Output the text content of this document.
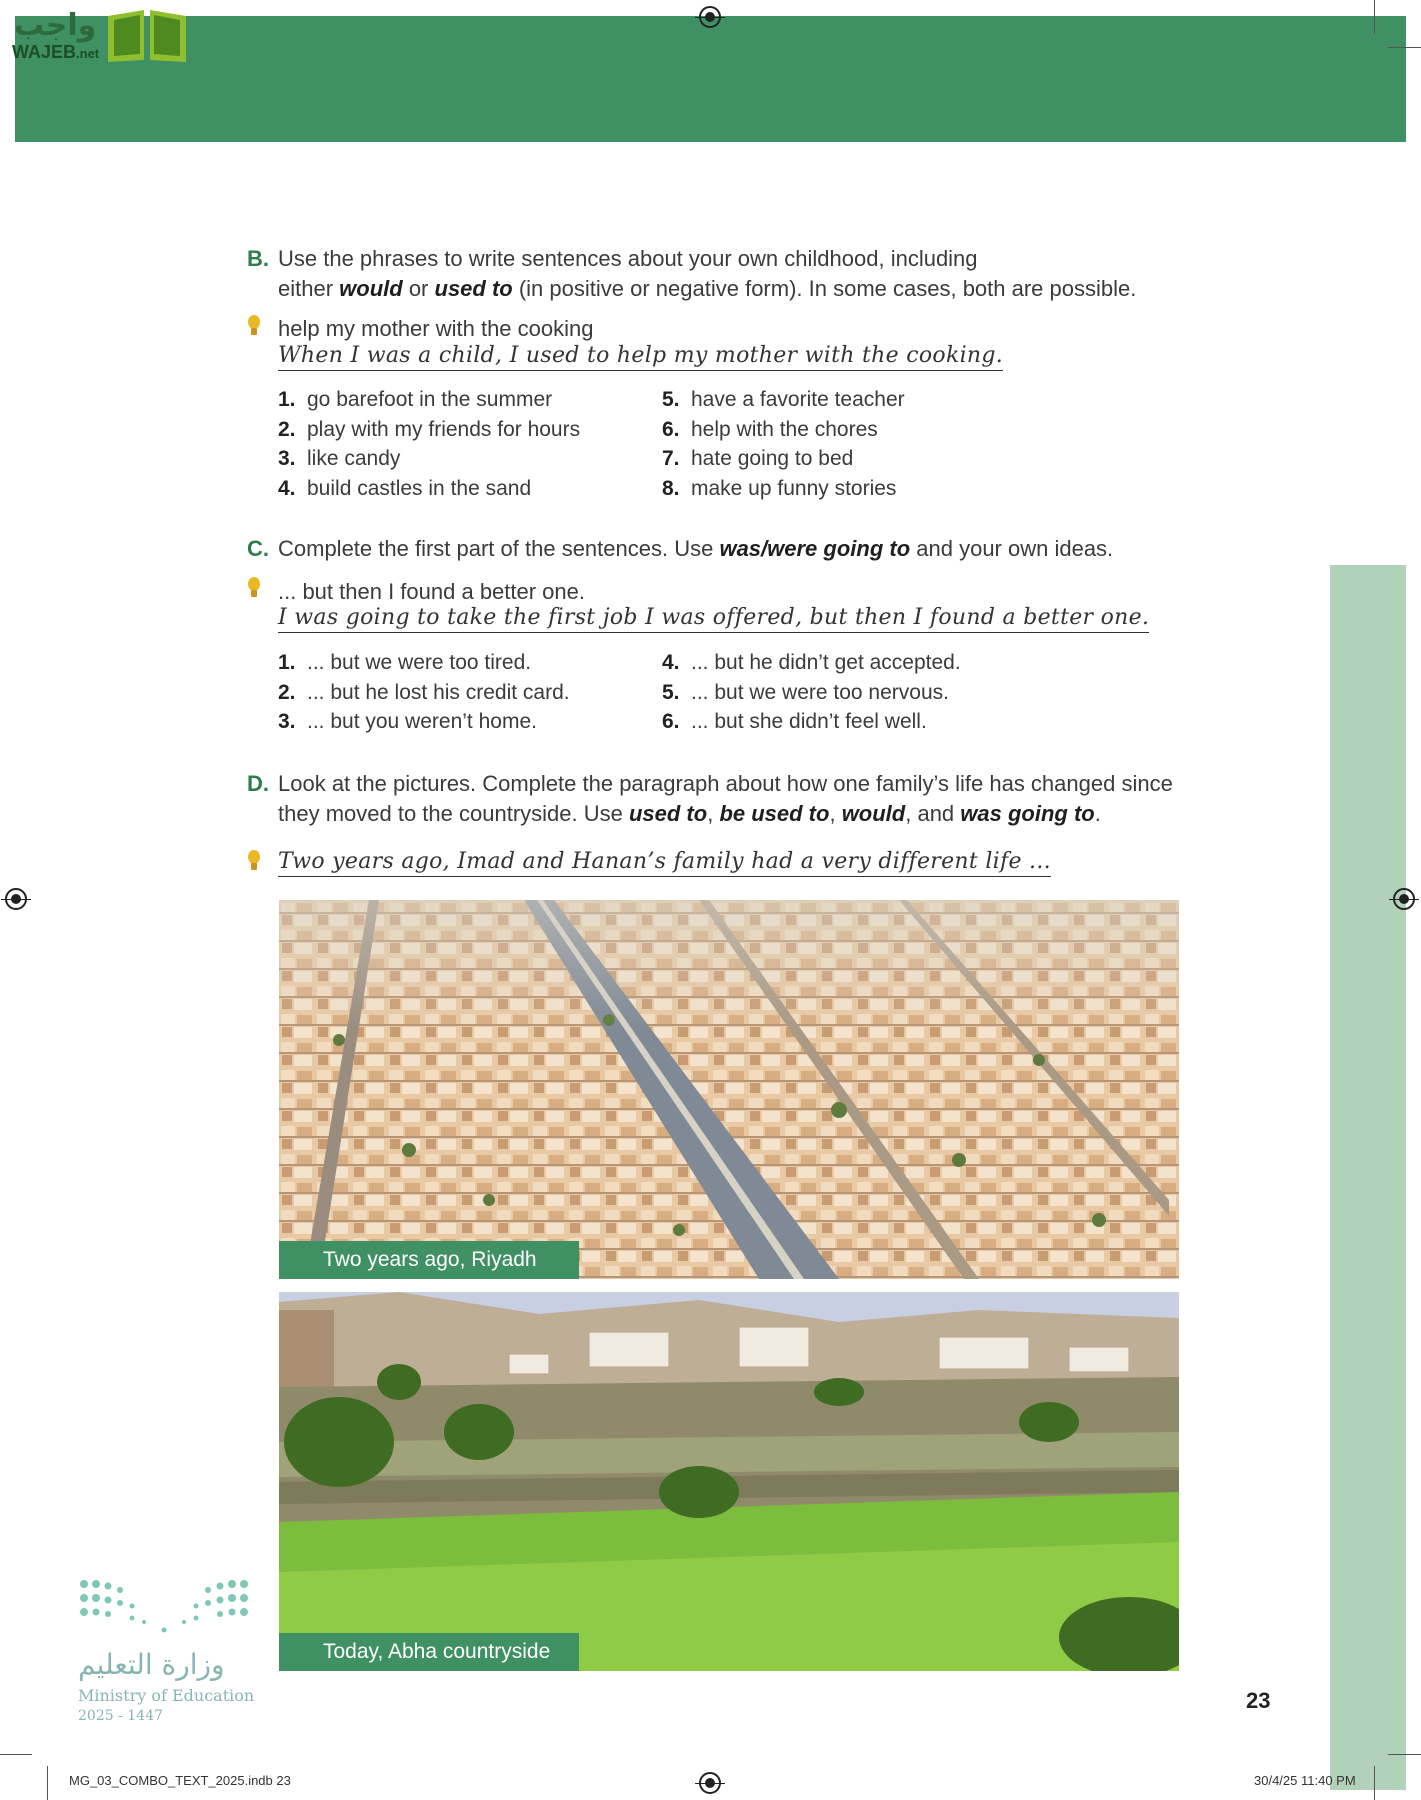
واجب
WAJEB.net
B. Use the phrases to write sentences about your own childhood, including
either would or used to (in positive or negative form). In some cases, both are possible.
help my mother with the cooking
When I was a child, I used to help my mother with the cooking.
1. go barefoot in the summer
2. play with my friends for hours
3. like candy
4. build castles in the sand
5. have a favorite teacher
6. help with the chores
7. hate going to bed
8. make up funny stories
C. Complete the first part of the sentences. Use was/were going to and your own ideas.
... but then I found a better one.
I was going to take the first job I was offered, but then I found a better one.
1. ... but we were too tired.
2. ... but he lost his credit card.
3. ... but you weren’t home.
4. ... but he didn’t get accepted.
5. ... but we were too nervous.
6. ... but she didn’t feel well.
D. Look at the pictures. Complete the paragraph about how one family’s life has changed since
they moved to the countryside. Use used to, be used to, would, and was going to.
Two years ago, Imad and Hanan’s family had a very different life ...
Two years ago, Riyadh
Today, Abha countryside
وزارة التعليم
Ministry of Education
2025 - 1447
23
MG_03_COMBO_TEXT_2025.indb 23	30/4/25 11:40 PM
